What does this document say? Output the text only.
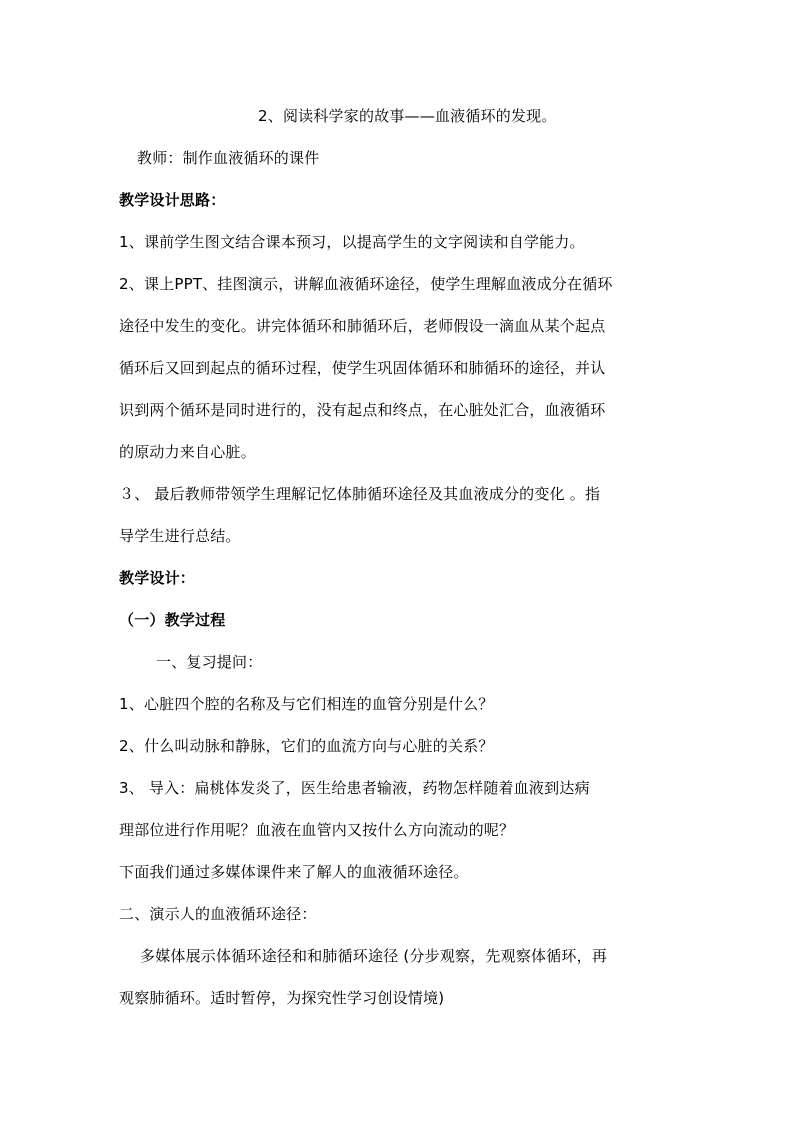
2、阅读科学家的故事——血液循环的发现。
教师：制作血液循环的课件
教学设计思路：
1、课前学生图文结合课本预习，以提高学生的文字阅读和自学能力。
2、课上PPT、挂图演示，讲解血液循环途径，使学生理解血液成分在循环
途径中发生的变化。讲完体循环和肺循环后，老师假设一滴血从某个起点
循环后又回到起点的循环过程，使学生巩固体循环和肺循环的途径，并认
识到两个循环是同时进行的，没有起点和终点，在心脏处汇合，血液循环
的原动力来自心脏。
３、 最后教师带领学生理解记忆体肺循环途径及其血液成分的变化 。指
导学生进行总结。
教学设计：
（一）教学过程
一、复习提问：
1、心脏四个腔的名称及与它们相连的血管分别是什么？
2、什么叫动脉和静脉，它们的血流方向与心脏的关系？
3、 导入：扁桃体发炎了，医生给患者输液，药物怎样随着血液到达病
理部位进行作用呢？血液在血管内又按什么方向流动的呢？
下面我们通过多媒体课件来了解人的血液循环途径。
二、演示人的血液循环途径：
多媒体展示体循环途径和和肺循环途径 (分步观察，先观察体循环，再
观察肺循环。适时暂停，为探究性学习创设情境)
